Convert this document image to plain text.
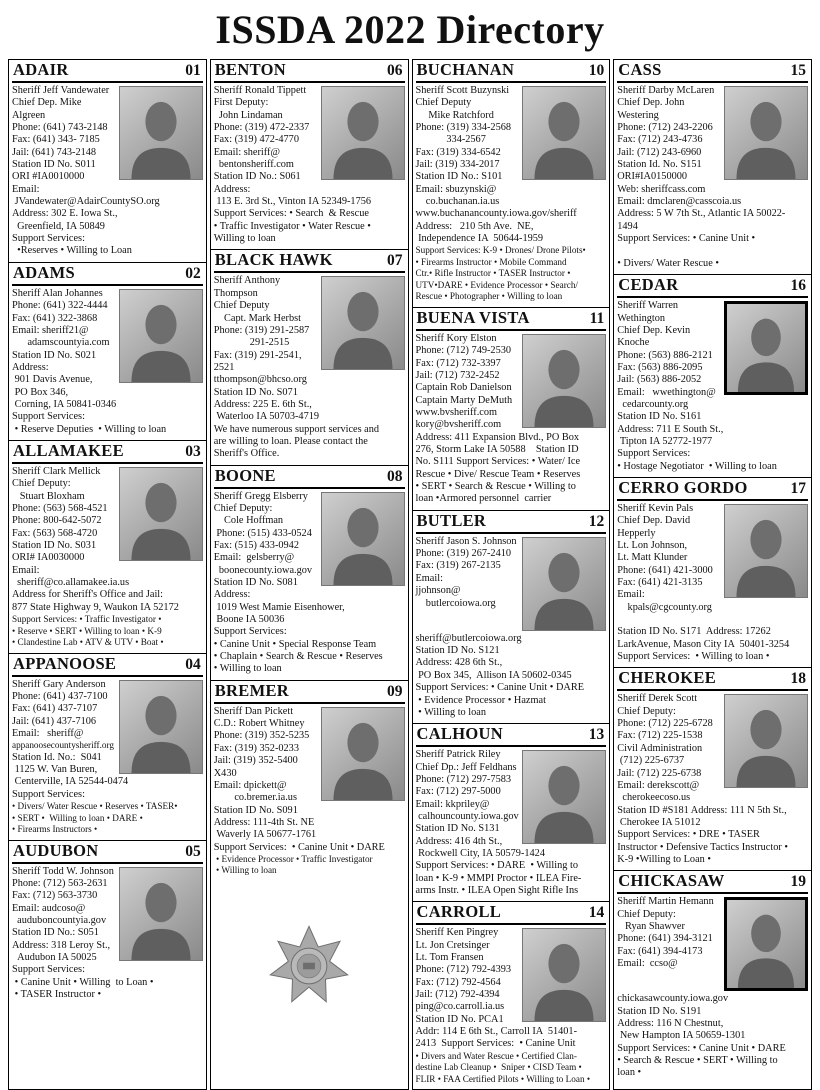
ISSDA 2022 Directory
ADAIR	01
Sheriff Jeff Vandewater
Chief Dep. Mike Algreen
Phone: (641) 743-2148
Fax: (641) 343- 7185
Jail: (641) 743-2148
Station ID No. S011
ORI #IA0010000
Email:
JVandewater@AdairCountySO.org
Address: 302 E. Iowa St.,
Greenfield, IA 50849
Support Services:
•Reserves • Willing to Loan
ADAMS	02
Sheriff Alan Johannes
Phone: (641) 322-4444
Fax: (641) 322-3868
Email: sheriff21@
adamscountyia.com
Station ID No. S021
Address:
901 Davis Avenue,
PO Box 346,
Corning, IA 50841-0346
Support Services:
• Reserve Deputies  • Willing to loan
ALLAMAKEE	03
Sheriff Clark Mellick
Chief Deputy:
Stuart Bloxham
Phone: (563) 568-4521
Phone: 800-642-5072
Fax: (563) 568-4720
Station ID No. S031
ORI# IA0030000
Email:
sheriff@co.allamakee.ia.us
Address for Sheriff's Office and Jail:
877 State Highway 9, Waukon IA 52172
Support Services: • Traffic Investigator •
• Reserve • SERT • Willing to loan • K-9
• Clandestine Lab • ATV & UTV • Boat •
APPANOOSE	04
Sheriff Gary Anderson
Phone: (641) 437-7100
Fax: (641) 437-7107
Jail: (641) 437-7106
Email:   sheriff@
appanoosecountysheriff.org
Station Id. No.:  S041
1125 W. Van Buren,
Centerville, IA 52544-0474
Support Services:
• Divers/ Water Rescue • Reserves • TASER•
• SERT •  Willing to loan • DARE •
• Firearms Instructors •
AUDUBON	05
Sheriff Todd W. Johnson
Phone: (712) 563-2631
Fax: (712) 563-3730
Email: audcoso@
auduboncountyia.gov
Station ID No.: S051
Address: 318 Leroy St.,
Audubon IA 50025
Support Services:
• Canine Unit • Willing  to Loan •
• TASER Instructor •
BENTON	06
Sheriff Ronald Tippett
First Deputy:
John Lindaman
Phone: (319) 472-2337
Fax: (319) 472-4770
Email: sheriff@
bentonsheriff.com
Station ID No.: S061
Address:
113 E. 3rd St., Vinton IA 52349-1756
Support Services: • Search  & Rescue
• Traffic Investigator • Water Rescue •
Willing to loan
BLACK HAWK	07
Sheriff Anthony Thompson
Chief Deputy
Capt. Mark Herbst
Phone: (319) 291-2587
291-2515
Fax: (319) 291-2541, 2521
tthompson@bhcso.org
Station ID No. S071
Address: 225 E. 6th St.,
Waterloo IA 50703-4719
We have numerous support services and
are willing to loan. Please contact the
Sheriff's Office.
BOONE	08
Sheriff Gregg Elsberry
Chief Deputy:
Cole Hoffman
Phone: (515) 433-0524
Fax: (515) 433-0942
Email:  gelsberry@
boonecounty.iowa.gov
Station ID No. S081
Address:
1019 West Mamie Eisenhower,
Boone IA 50036
Support Services:
• Canine Unit • Special Response Team
• Chaplain • Search & Rescue • Reserves
• Willing to loan
BREMER	09
Sheriff Dan Pickett
C.D.: Robert Whitney
Phone: (319) 352-5235
Fax: (319) 352-0233
Jail: (319) 352-5400 X430
Email: dpickett@
co.bremer.ia.us
Station ID No. S091
Address: 111-4th St. NE
Waverly IA 50677-1761
Support Services:  • Canine Unit • DARE
• Evidence Processor • Traffic Investigator
• Willing to loan
BUCHANAN	10
Sheriff Scott Buzynski
Chief Deputy
Mike Ratchford
Phone: (319) 334-2568
334-2567
Fax: (319) 334-6542
Jail: (319) 334-2017
Station ID No.: S101
Email: sbuzynski@
co.buchanan.ia.us
www.buchanancounty.iowa.gov/sheriff
Address:   210 5th Ave.  NE,
Independence IA  50644-1959
Support Services: K-9 • Drones/ Drone Pilots•
• Firearms Instructor • Mobile Command
Ctr.• Rifle Instructor • TASER Instructor •
UTV•DARE • Evidence Processor • Search/
Rescue • Photographer • Willing to loan
BUENA VISTA	11
Sheriff Kory Elston
Phone: (712) 749-2530
Fax: (712) 732-3397
Jail: (712) 732-2452
Captain Rob Danielson
Captain Marty DeMuth
www.bvsheriff.com
kory@bvsheriff.com
Address: 411 Expansion Blvd., PO Box
276, Storm Lake IA 50588    Station ID
No. S111 Support Services: • Water/ Ice
Rescue • Dive/ Rescue Team • Reserves
• SERT • Search & Rescue • Willing to
loan •Armored personnel  carrier
BUTLER	12
Sheriff Jason S. Johnson
Phone: (319) 267-2410
Fax: (319) 267-2135
Email:
jjohnson@
butlercoiowa.org
sheriff@butlercoiowa.org
Station ID No. S121
Address: 428 6th St.,
PO Box 345,  Allison IA 50602-0345
Support Services: • Canine Unit • DARE
• Evidence Processor • Hazmat
• Willing to loan
CALHOUN	13
Sheriff Patrick Riley
Chief Dp.: Jeff Feldhans
Phone: (712) 297-7583
Fax: (712) 297-5000
Email: kkpriley@
calhouncounty.iowa.gov
Station ID No. S131
Address: 416 4th St.,
Rockwell City, IA 50579-1424
Support Services: • DARE  • Willing to
loan • K-9 • MMPI Proctor • ILEA Fire-
arms Instr. • ILEA Open Sight Rifle Ins
CARROLL	14
Sheriff Ken Pingrey
Lt. Jon Cretsinger
Lt. Tom Fransen
Phone: (712) 792-4393
Fax: (712) 792-4564
Jail: (712) 792-4394
ping@co.carroll.ia.us
Station ID No. PCA1
Addr: 114 E 6th St., Carroll IA  51401-
2413  Support Services:  • Canine Unit
• Divers and Water Rescue • Certified Clan-
destine Lab Cleanup •  Sniper • CISD Team •
FLIR • FAA Certified Pilots • Willing to Loan •
CASS	15
Sheriff Darby McLaren
Chief Dep. John Westering
Phone: (712) 243-2206
Fax: (712) 243-4736
Jail: (712) 243-6960
Station Id. No. S151
ORI#IA0150000
Web: sheriffcass.com
Email: dmclaren@casscoia.us
Address: 5 W 7th St., Atlantic IA 50022-
1494
Support Services: • Canine Unit •
• Divers/ Water Rescue •
CEDAR	16
Sheriff Warren Wethington
Chief Dep. Kevin Knoche
Phone: (563) 886-2121
Fax: (563) 886-2095
Jail: (563) 886-2052
Email:   wwethington@
cedarcounty.org
Station ID No. S161
Address: 711 E South St.,
Tipton IA 52772-1977
Support Services:
• Hostage Negotiator  • Willing to loan
CERRO GORDO	17
Sheriff Kevin Pals
Chief Dep. David Hepperly
Lt. Lon Johnson,
Lt. Matt Klunder
Phone: (641) 421-3000
Fax: (641) 421-3135
Email:
kpals@cgcounty.org
Station ID No. S171  Address: 17262
LarkAvenue, Mason City IA  50401-3254
Support Services:  • Willing to loan •
CHEROKEE	18
Sheriff Derek Scott
Chief Deputy:
Phone: (712) 225-6728
Fax: (712) 225-1538
Civil Administration
(712) 225-6737
Jail: (712) 225-6738
Email: derekscott@
cherokeecoso.us
Station ID #S181 Address: 111 N 5th St.,
Cherokee IA 51012
Support Services: • DRE • TASER
Instructor • Defensive Tactics Instructor •
K-9 •Willing to Loan •
CHICKASAW	19
Sheriff Martin Hemann
Chief Deputy:
Ryan Shawver
Phone: (641) 394-3121
Fax: (641) 394-4173
Email:  ccso@
chickasawcounty.iowa.gov
Station ID No. S191
Address: 116 N Chestnut,
New Hampton IA 50659-1301
Support Services: • Canine Unit • DARE
• Search & Rescue • SERT • Willing to
loan •
